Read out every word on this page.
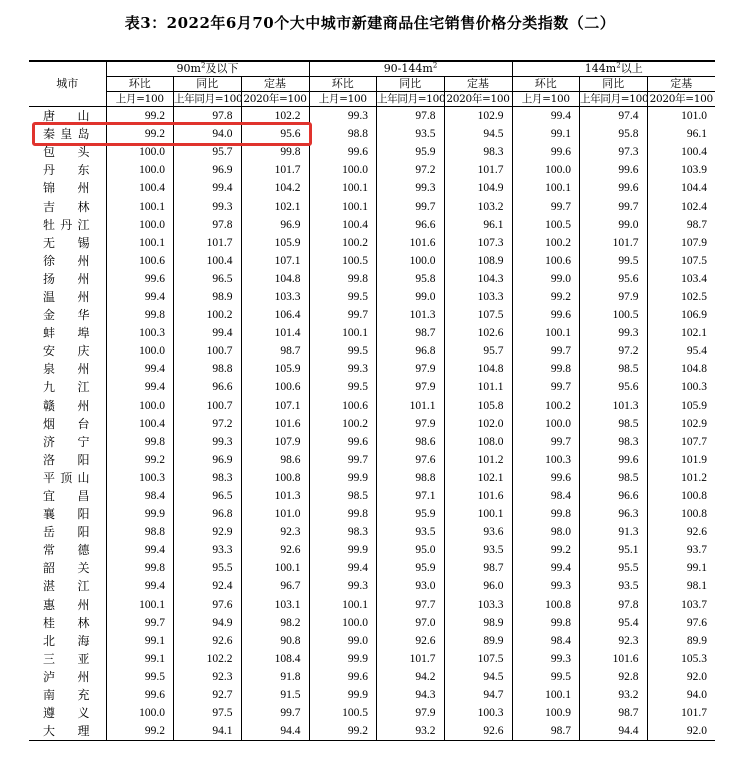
表3：2022年6月70个大中城市新建商品住宅销售价格分类指数（二）
城市	$90m^2$及以下			$90-144m^2$			$144m^2$以上		
	环比	同比	定基	环比	同比	定基	环比	同比	定基
	上月=100	上年同月=100	2020年=100	上月=100	上年同月=100	2020年=100	上月=100	上年同月=100	2020年=100
唐山	99.2	97.8	102.2	99.3	97.8	102.9	99.4	97.4	101.0
秦皇岛	99.2	94.0	95.6	98.8	93.5	94.5	99.1	95.8	96.1
包头	100.0	95.7	99.8	99.6	95.9	98.3	99.6	97.3	100.4
丹东	100.0	96.9	101.7	100.0	97.2	101.7	100.0	99.6	103.9
锦州	100.4	99.4	104.2	100.1	99.3	104.9	100.1	99.6	104.4
吉林	100.1	99.3	102.1	100.1	99.7	103.2	99.7	99.7	102.4
牡丹江	100.0	97.8	96.9	100.4	96.6	96.1	100.5	99.0	98.7
无锡	100.1	101.7	105.9	100.2	101.6	107.3	100.2	101.7	107.9
徐州	100.6	100.4	107.1	100.5	100.0	108.9	100.6	99.5	107.5
扬州	99.6	96.5	104.8	99.8	95.8	104.3	99.0	95.6	103.4
温州	99.4	98.9	103.3	99.5	99.0	103.3	99.2	97.9	102.5
金华	99.8	100.2	106.4	99.7	101.3	107.5	99.6	100.5	106.9
蚌埠	100.3	99.4	101.4	100.1	98.7	102.6	100.1	99.3	102.1
安庆	100.0	100.7	98.7	99.5	96.8	95.7	99.7	97.2	95.4
泉州	99.4	98.8	105.9	99.3	97.9	104.8	99.8	98.5	104.8
九江	99.4	96.6	100.6	99.5	97.9	101.1	99.7	95.6	100.3
赣州	100.0	100.7	107.1	100.6	101.1	105.8	100.2	101.3	105.9
烟台	100.4	97.2	101.6	100.2	97.9	102.0	100.0	98.5	102.9
济宁	99.8	99.3	107.9	99.6	98.6	108.0	99.7	98.3	107.7
洛阳	99.2	96.9	98.6	99.7	97.6	101.2	100.3	99.6	101.9
平顶山	100.3	98.3	100.8	99.9	98.8	102.1	99.6	98.5	101.2
宜昌	98.4	96.5	101.3	98.5	97.1	101.6	98.4	96.6	100.8
襄阳	99.9	96.8	101.0	99.8	95.9	100.1	99.8	96.3	100.8
岳阳	98.8	92.9	92.3	98.3	93.5	93.6	98.0	91.3	92.6
常德	99.4	93.3	92.6	99.9	95.0	93.5	99.2	95.1	93.7
韶关	99.8	95.5	100.1	99.4	95.9	98.7	99.4	95.5	99.1
湛江	99.4	92.4	96.7	99.3	93.0	96.0	99.3	93.5	98.1
惠州	100.1	97.6	103.1	100.1	97.7	103.3	100.8	97.8	103.7
桂林	99.7	94.9	98.2	100.0	97.0	98.9	99.8	95.4	97.6
北海	99.1	92.6	90.8	99.0	92.6	89.9	98.4	92.3	89.9
三亚	99.1	102.2	108.4	99.9	101.7	107.5	99.3	101.6	105.3
泸州	99.5	92.3	91.8	99.6	94.2	94.5	99.5	92.8	92.0
南充	99.6	92.7	91.5	99.9	94.3	94.7	100.1	93.2	94.0
遵义	100.0	97.5	99.7	100.5	97.9	100.3	100.9	98.7	101.7
大理	99.2	94.1	94.4	99.2	93.2	92.6	98.7	94.4	92.0
